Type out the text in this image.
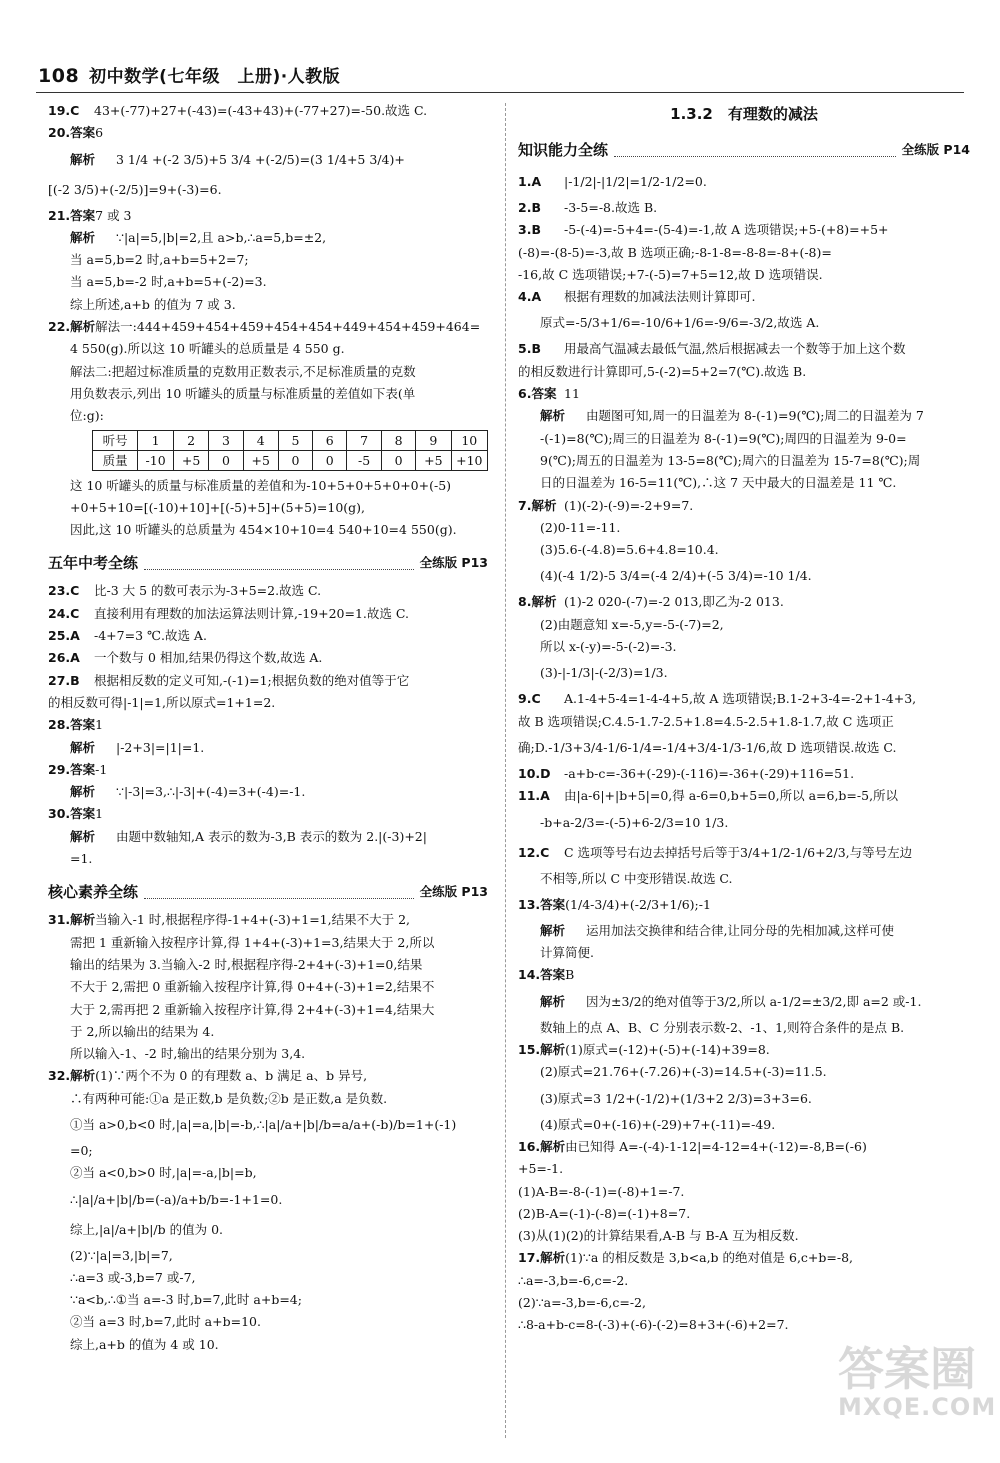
108 初中数学(七年级　上册)·人教版
19.C 43+(-77)+27+(-43)=(-43+43)+(-77+27)=-50.故选 C.
20.答案6
解析 3 1/4 +(-2 3/5)+5 3/4 +(-2/5)=(3 1/4+5 3/4)+
[(-2 3/5)+(-2/5)]=9+(-3)=6.
21.答案7 或 3
解析 ∵|a|=5,|b|=2,且 a>b,∴a=5,b=±2,
当 a=5,b=2 时,a+b=5+2=7;
当 a=5,b=-2 时,a+b=5+(-2)=3.
综上所述,a+b 的值为 7 或 3.
22.解析解法一:444+459+454+459+454+454+449+454+459+464=
4 550(g).所以这 10 听罐头的总质量是 4 550 g.
解法二:把超过标准质量的克数用正数表示,不足标准质量的克数
用负数表示,列出 10 听罐头的质量与标准质量的差值如下表(单
位:g):
听号	1	2	3	4	5	6	7	8	9	10
质量	-10	+5	0	+5	0	0	-5	0	+5	+10
这 10 听罐头的质量与标准质量的差值和为-10+5+0+5+0+0+(-5)
+0+5+10=[(-10)+10]+[(-5)+5]+(5+5)=10(g),
因此,这 10 听罐头的总质量为 454×10+10=4 540+10=4 550(g).
五年中考全练	全练版 P13
23.C 比-3 大 5 的数可表示为-3+5=2.故选 C.
24.C 直接利用有理数的加法运算法则计算,-19+20=1.故选 C.
25.A -4+7=3 ℃.故选 A.
26.A 一个数与 0 相加,结果仍得这个数,故选 A.
27.B 根据相反数的定义可知,-(-1)=1;根据负数的绝对值等于它
的相反数可得|-1|=1,所以原式=1+1=2.
28.答案1
解析 |-2+3|=|1|=1.
29.答案-1
解析 ∵|-3|=3,∴|-3|+(-4)=3+(-4)=-1.
30.答案1
解析 由题中数轴知,A 表示的数为-3,B 表示的数为 2.|(-3)+2|
=1.
核心素养全练	全练版 P13
31.解析当输入-1 时,根据程序得-1+4+(-3)+1=1,结果不大于 2,
需把 1 重新输入按程序计算,得 1+4+(-3)+1=3,结果大于 2,所以
输出的结果为 3.当输入-2 时,根据程序得-2+4+(-3)+1=0,结果
不大于 2,需把 0 重新输入按程序计算,得 0+4+(-3)+1=2,结果不
大于 2,需再把 2 重新输入按程序计算,得 2+4+(-3)+1=4,结果大
于 2,所以输出的结果为 4.
所以输入-1、-2 时,输出的结果分别为 3,4.
32.解析(1)∵两个不为 0 的有理数 a、b 满足 a、b 异号,
∴有两种可能:①a 是正数,b 是负数;②b 是正数,a 是负数.
①当 a>0,b<0 时,|a|=a,|b|=-b,∴|a|/a+|b|/b=a/a+(-b)/b=1+(-1)
=0;
②当 a<0,b>0 时,|a|=-a,|b|=b,
∴|a|/a+|b|/b=(-a)/a+b/b=-1+1=0.
综上,|a|/a+|b|/b 的值为 0.
(2)∵|a|=3,|b|=7,
∴a=3 或-3,b=7 或-7,
∵a<b,∴①当 a=-3 时,b=7,此时 a+b=4;
②当 a=3 时,b=7,此时 a+b=10.
综上,a+b 的值为 4 或 10.
1.3.2　有理数的减法
知识能力全练	全练版 P14
1.A |-1/2|-|1/2|=1/2-1/2=0.
2.B -3-5=-8.故选 B.
3.B -5-(-4)=-5+4=-(5-4)=-1,故 A 选项错误;+5-(+8)=+5+
(-8)=-(8-5)=-3,故 B 选项正确;-8-1-8=-8-8=-8+(-8)=
-16,故 C 选项错误;+7-(-5)=7+5=12,故 D 选项错误.
4.A 根据有理数的加减法法则计算即可.
原式=-5/3+1/6=-10/6+1/6=-9/6=-3/2,故选 A.
5.B 用最高气温减去最低气温,然后根据减去一个数等于加上这个数
的相反数进行计算即可,5-(-2)=5+2=7(℃).故选 B.
6.答案 11
解析 由题图可知,周一的日温差为 8-(-1)=9(℃);周二的日温差为 7
-(-1)=8(℃);周三的日温差为 8-(-1)=9(℃);周四的日温差为 9-0=
9(℃);周五的日温差为 13-5=8(℃);周六的日温差为 15-7=8(℃);周
日的日温差为 16-5=11(℃),∴这 7 天中最大的日温差是 11 ℃.
7.解析 (1)(-2)-(-9)=-2+9=7.
(2)0-11=-11.
(3)5.6-(-4.8)=5.6+4.8=10.4.
(4)(-4 1/2)-5 3/4=(-4 2/4)+(-5 3/4)=-10 1/4.
8.解析 (1)-2 020-(-7)=-2 013,即乙为-2 013.
(2)由题意知 x=-5,y=-5-(-7)=2,
所以 x-(-y)=-5-(-2)=-3.
(3)-|-1/3|-(-2/3)=1/3.
9.C A.1-4+5-4=1-4-4+5,故 A 选项错误;B.1-2+3-4=-2+1-4+3,
故 B 选项错误;C.4.5-1.7-2.5+1.8=4.5-2.5+1.8-1.7,故 C 选项正
确;D.-1/3+3/4-1/6-1/4=-1/4+3/4-1/3-1/6,故 D 选项错误.故选 C.
10.D -a+b-c=-36+(-29)-(-116)=-36+(-29)+116=51.
11.A 由|a-6|+|b+5|=0,得 a-6=0,b+5=0,所以 a=6,b=-5,所以
-b+a-2/3=-(-5)+6-2/3=10 1/3.
12.C C 选项等号右边去掉括号后等于3/4+1/2-1/6+2/3,与等号左边
不相等,所以 C 中变形错误.故选 C.
13.答案(1/4-3/4)+(-2/3+1/6);-1
解析 运用加法交换律和结合律,让同分母的先相加减,这样可使
计算简便.
14.答案B
解析 因为±3/2的绝对值等于3/2,所以 a-1/2=±3/2,即 a=2 或-1.
数轴上的点 A、B、C 分别表示数-2、-1、1,则符合条件的是点 B.
15.解析(1)原式=(-12)+(-5)+(-14)+39=8.
(2)原式=21.76+(-7.26)+(-3)=14.5+(-3)=11.5.
(3)原式=3 1/2+(-1/2)+(1/3+2 2/3)=3+3=6.
(4)原式=0+(-16)+(-29)+7+(-11)=-49.
16.解析由已知得 A=-(-4)-1-12|=4-12=4+(-12)=-8,B=(-6)
+5=-1.
(1)A-B=-8-(-1)=(-8)+1=-7.
(2)B-A=(-1)-(-8)=(-1)+8=7.
(3)从(1)(2)的计算结果看,A-B 与 B-A 互为相反数.
17.解析(1)∵a 的相反数是 3,b<a,b 的绝对值是 6,c+b=-8,
∴a=-3,b=-6,c=-2.
(2)∵a=-3,b=-6,c=-2,
∴8-a+b-c=8-(-3)+(-6)-(-2)=8+3+(-6)+2=7.
答案圈
MXQE.COM
